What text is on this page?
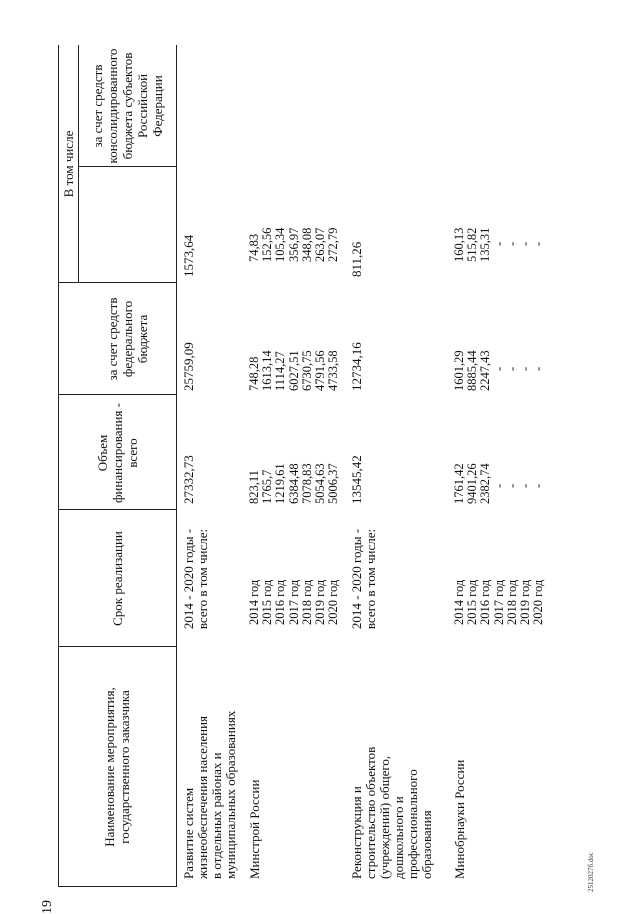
19
2512027б.doc
Наименование мероприятия, государственного заказчика
Срок реализации
Объем финансирования - всего
В том числе
за счет средств федерального бюджета
за счет средств консолидированного бюджета субъектов Российской Федерации
Развитие систем жизнеобеспечения населения в отдельных районах и муниципальных образованиях
2014 - 2020 годы - всего в том числе:
27332,73
25759,09
1573,64
Минстрой России
2014 год 2015 год 2016 год 2017 год 2018 год 2019 год 2020 год
823,11 1765,7 1219,61 6384,48 7078,83 5054,63 5006,37
748,28 1613,14 1114,27 6027,51 6730,75 4791,56 4733,58
74,83 152,56 105,34 356,97 348,08 263,07 272,79
Реконструкция и строительство объектов (учреждений) общего, дошкольного и профессионального образования
2014 - 2020 годы - всего в том числе:
13545,42
12734,16
811,26
Минобрнауки России
2014 год 2015 год 2016 год 2017 год 2018 год 2019 год 2020 год
1761,42 9401,26 2382,74 - - - -
1601,29 8885,44 2247,43 - - - -
160,13 515,82 135,31 - - - -
